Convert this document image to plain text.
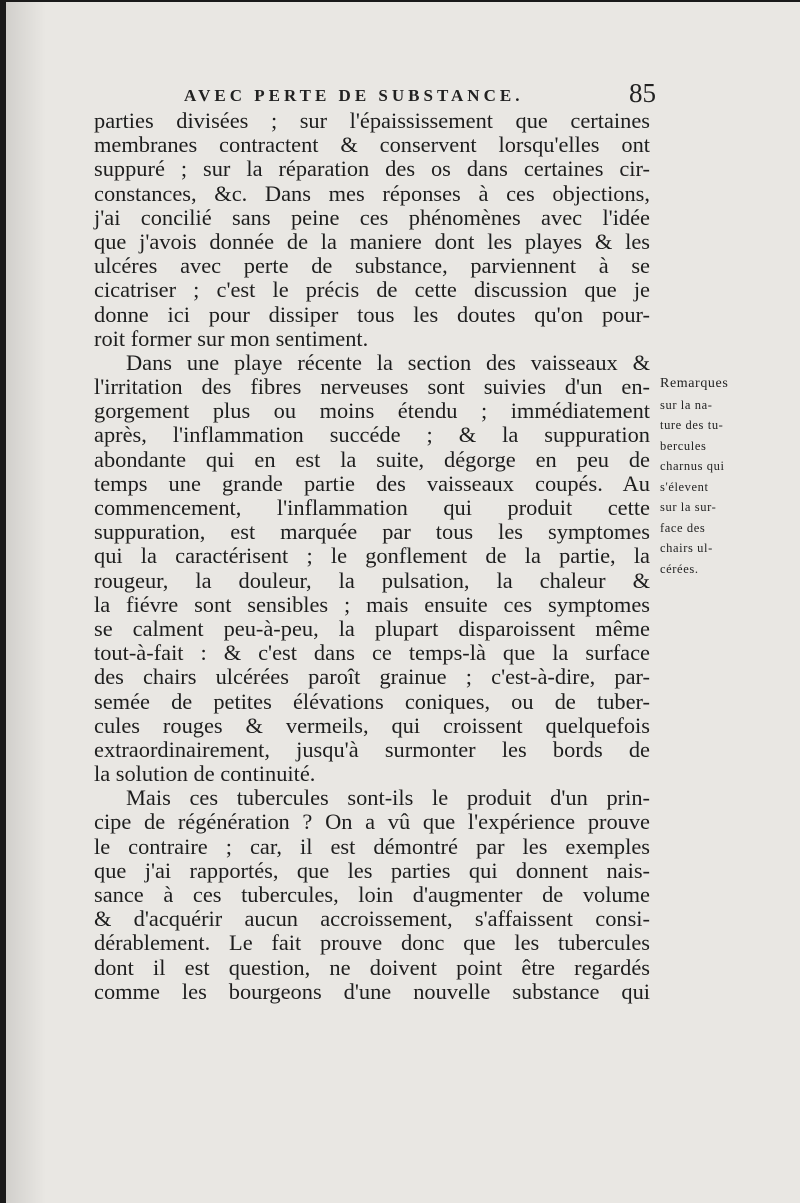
AVEC PERTE DE SUBSTANCE.	85
parties divisées ; sur l'épaississement que certaines
membranes contractent & conservent lorsqu'elles ont
suppuré ; sur la réparation des os dans certaines cir-
constances, &c. Dans mes réponses à ces objections,
j'ai concilié sans peine ces phénomènes avec l'idée
que j'avois donnée de la maniere dont les playes & les
ulcéres avec perte de substance, parviennent à se
cicatriser ; c'est le précis de cette discussion que je
donne ici pour dissiper tous les doutes qu'on pour-
roit former sur mon sentiment.
Dans une playe récente la section des vaisseaux &
l'irritation des fibres nerveuses sont suivies d'un en-
gorgement plus ou moins étendu ; immédiatement
après, l'inflammation succéde ; & la suppuration
abondante qui en est la suite, dégorge en peu de
temps une grande partie des vaisseaux coupés. Au
commencement, l'inflammation qui produit cette
suppuration, est marquée par tous les symptomes
qui la caractérisent ; le gonflement de la partie, la
rougeur, la douleur, la pulsation, la chaleur &
la fiévre sont sensibles ; mais ensuite ces symptomes
se calment peu-à-peu, la plupart disparoissent même
tout-à-fait : & c'est dans ce temps-là que la surface
des chairs ulcérées paroît grainue ; c'est-à-dire, par-
semée de petites élévations coniques, ou de tuber-
cules rouges & vermeils, qui croissent quelquefois
extraordinairement, jusqu'à surmonter les bords de
la solution de continuité.
Mais ces tubercules sont-ils le produit d'un prin-
cipe de régénération ? On a vû que l'expérience prouve
le contraire ; car, il est démontré par les exemples
que j'ai rapportés, que les parties qui donnent nais-
sance à ces tubercules, loin d'augmenter de volume
& d'acquérir aucun accroissement, s'affaissent consi-
dérablement. Le fait prouve donc que les tubercules
dont il est question, ne doivent point être regardés
comme les bourgeons d'une nouvelle substance qui
Remarques
sur la na-
ture des tu-
bercules
charnus qui
s'élevent
sur la sur-
face des
chairs ul-
cérées.
